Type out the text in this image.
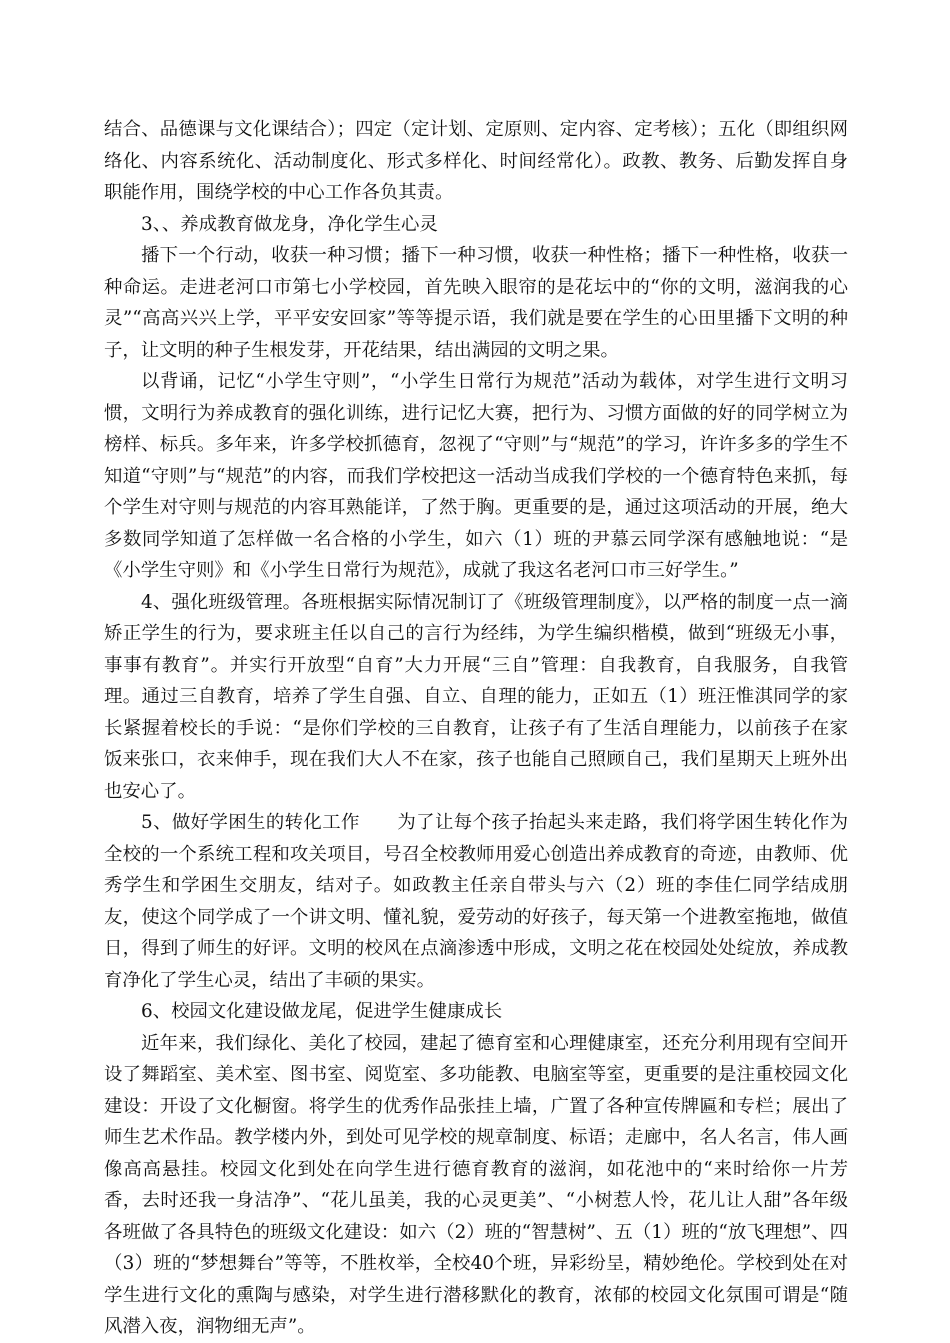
结合、品德课与文化课结合）；四定（定计划、定原则、定内容、定考核）；五化（即组织网络化、内容系统化、活动制度化、形式多样化、时间经常化）。政教、教务、后勤发挥自身职能作用，围绕学校的中心工作各负其责。

3、、养成教育做龙身，净化学生心灵

播下一个行动，收获一种习惯；播下一种习惯，收获一种性格；播下一种性格，收获一种命运。走进老河口市第七小学校园，首先映入眼帘的是花坛中的“你的文明，滋润我的心灵”“高高兴兴上学，平平安安回家”等等提示语，我们就是要在学生的心田里播下文明的种子，让文明的种子生根发芽，开花结果，结出满园的文明之果。

以背诵，记忆“小学生守则”，“小学生日常行为规范”活动为载体，对学生进行文明习惯，文明行为养成教育的强化训练，进行记忆大赛，把行为、习惯方面做的好的同学树立为榜样、标兵。多年来，许多学校抓德育，忽视了“守则”与“规范”的学习，许许多多的学生不知道“守则”与“规范”的内容，而我们学校把这一活动当成我们学校的一个德育特色来抓，每个学生对守则与规范的内容耳熟能详，了然于胸。更重要的是，通过这项活动的开展，绝大多数同学知道了怎样做一名合格的小学生，如六（1）班的尹慕云同学深有感触地说：“是《小学生守则》和《小学生日常行为规范》，成就了我这名老河口市三好学生。”

4、强化班级管理。各班根据实际情况制订了《班级管理制度》，以严格的制度一点一滴矫正学生的行为，要求班主任以自己的言行为经纬，为学生编织楷模，做到“班级无小事，事事有教育”。并实行开放型“自育”大力开展“三自”管理：自我教育，自我服务，自我管理。通过三自教育，培养了学生自强、自立、自理的能力，正如五（1）班汪惟淇同学的家长紧握着校长的手说：“是你们学校的三自教育，让孩子有了生活自理能力，以前孩子在家饭来张口，衣来伸手，现在我们大人不在家，孩子也能自己照顾自己，我们星期天上班外出也安心了。

5、做好学困生的转化工作　　为了让每个孩子抬起头来走路，我们将学困生转化作为全校的一个系统工程和攻关项目，号召全校教师用爱心创造出养成教育的奇迹，由教师、优秀学生和学困生交朋友，结对子。如政教主任亲自带头与六（2）班的李佳仁同学结成朋友，使这个同学成了一个讲文明、懂礼貌，爱劳动的好孩子，每天第一个进教室拖地，做值日，得到了师生的好评。文明的校风在点滴渗透中形成，文明之花在校园处处绽放，养成教育净化了学生心灵，结出了丰硕的果实。

6、校园文化建设做龙尾，促进学生健康成长

近年来，我们绿化、美化了校园，建起了德育室和心理健康室，还充分利用现有空间开设了舞蹈室、美术室、图书室、阅览室、多功能教、电脑室等室，更重要的是注重校园文化建设：开设了文化橱窗。将学生的优秀作品张挂上墙，广置了各种宣传牌匾和专栏；展出了师生艺术作品。教学楼内外，到处可见学校的规章制度、标语；走廊中，名人名言，伟人画像高高悬挂。校园文化到处在向学生进行德育教育的滋润，如花池中的“来时给你一片芳香，去时还我一身洁净”、“花儿虽美，我的心灵更美”、“小树惹人怜，花儿让人甜”各年级各班做了各具特色的班级文化建设：如六（2）班的“智慧树”、五（1）班的“放飞理想”、四（3）班的“梦想舞台”等等，不胜枚举，全校40个班，异彩纷呈，精妙绝伦。学校到处在对学生进行文化的熏陶与感染，对学生进行潜移默化的教育，浓郁的校园文化氛围可谓是“随风潜入夜，润物细无声”。
